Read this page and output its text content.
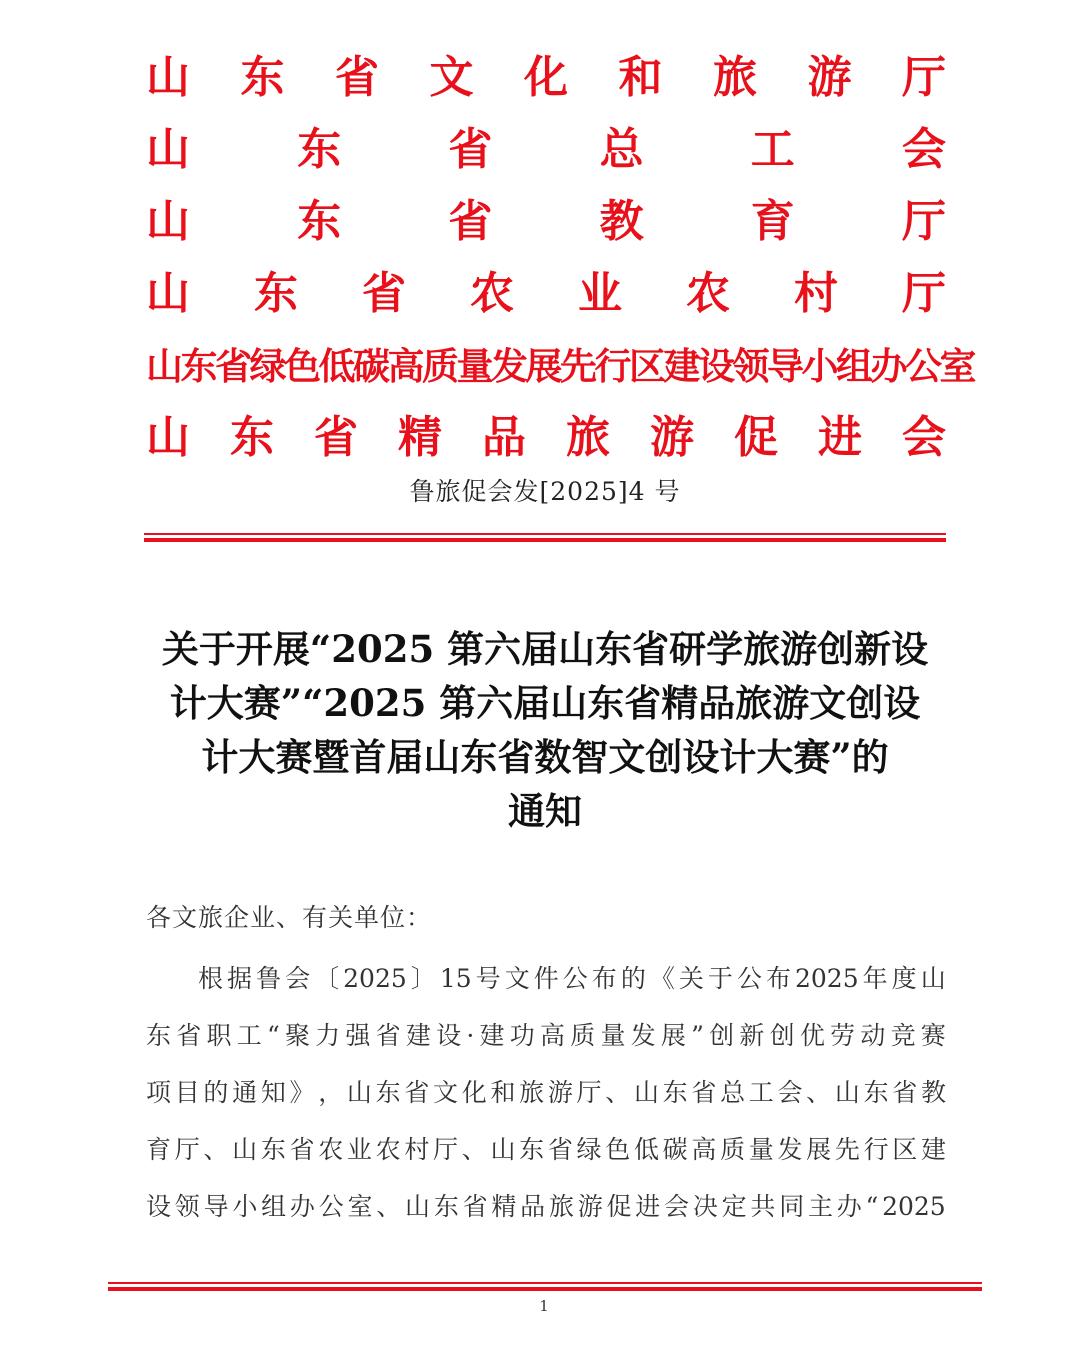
山 东 省 文 化 和 旅 游 厅
山 东 省 总 工 会
山 东 省 教 育 厅
山 东 省 农 业 农 村 厅
山东省绿色低碳高质量发展先行区建设领导小组办公室
山 东 省 精 品 旅 游 促 进 会
鲁旅促会发[2025]4 号
关于开展“2025 第六届山东省研学旅游创新设
计大赛”“2025 第六届山东省精品旅游文创设
计大赛暨首届山东省数智文创设计大赛”的
通知
各文旅企业、有关单位：
根 据 鲁 会 〔 2025 〕 15 号 文 件 公 布 的 《 关 于 公 布 2025 年 度 山
东 省 职 工 “ 聚 力 强 省 建 设 · 建 功 高 质 量 发 展 ” 创 新 创 优 劳 动 竞 赛
项 目 的 通 知 》 ， 山 东 省 文 化 和 旅 游 厅 、 山 东 省 总 工 会 、 山 东 省 教
育 厅 、 山 东 省 农 业 农 村 厅 、 山 东 省 绿 色 低 碳 高 质 量 发 展 先 行 区 建
设 领 导 小 组 办 公 室 、 山 东 省 精 品 旅 游 促 进 会 决 定 共 同 主 办 “ 2025
1
